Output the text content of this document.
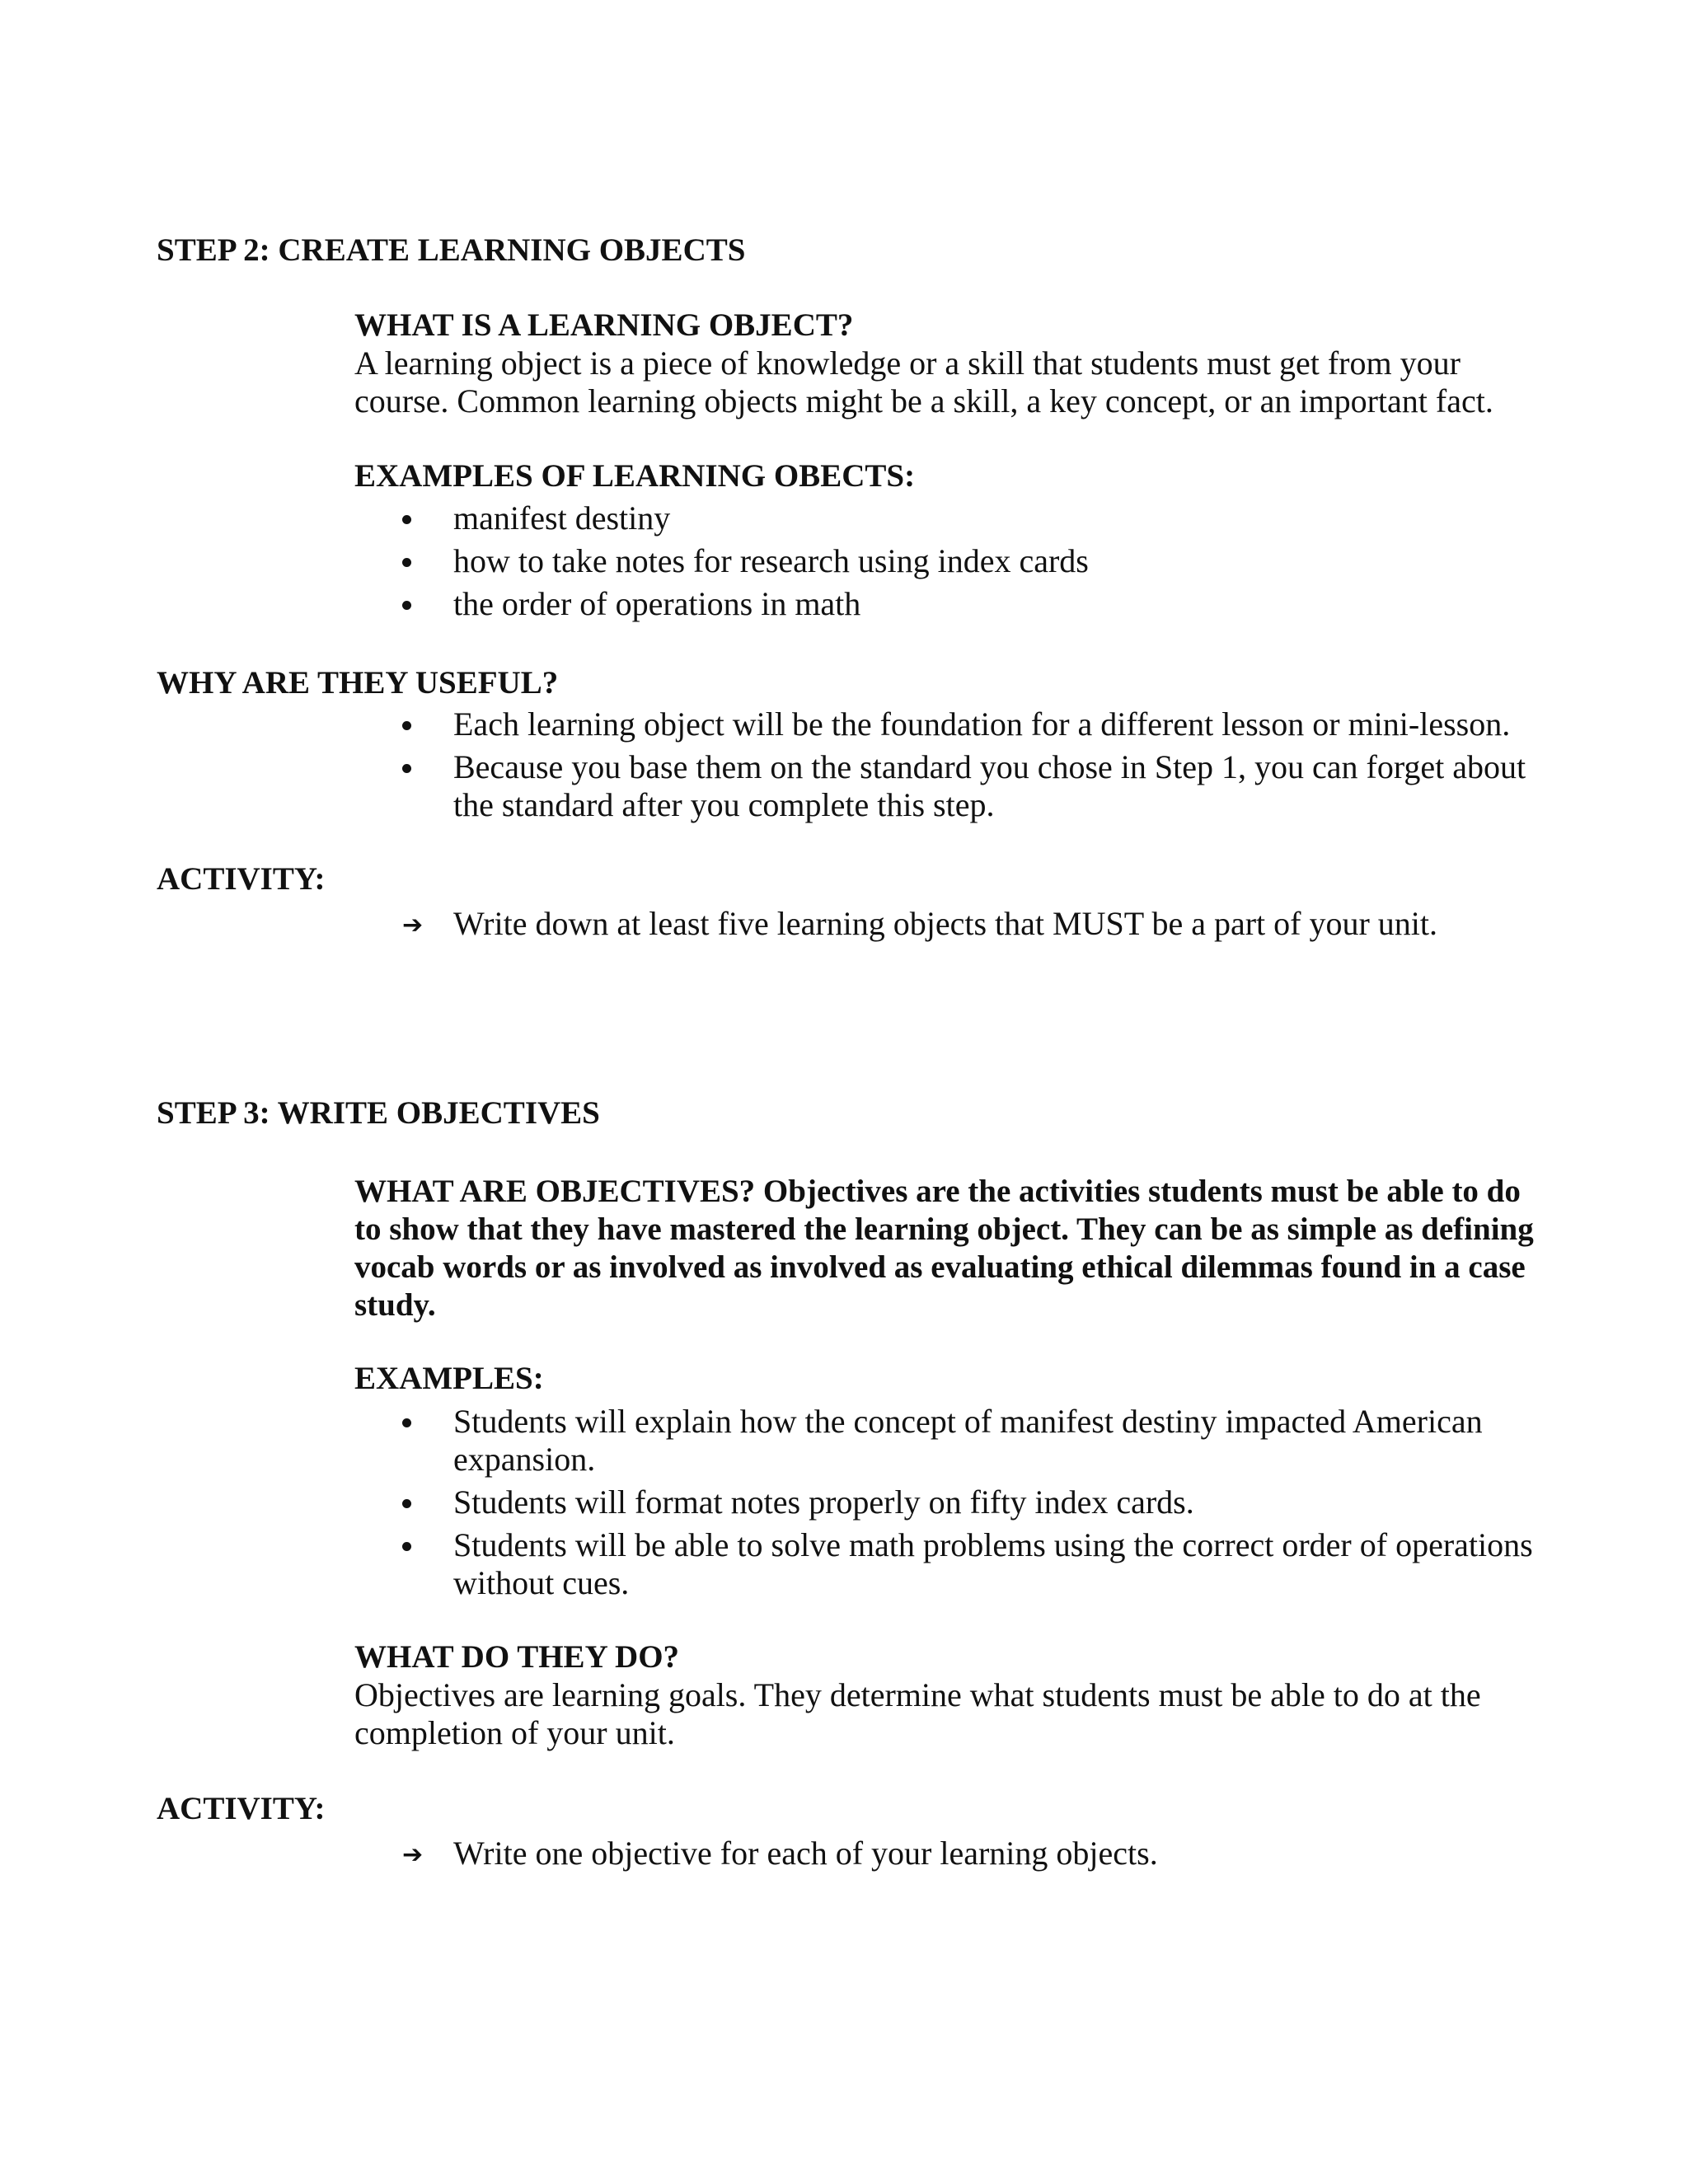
STEP 2: CREATE LEARNING OBJECTS
WHAT IS A LEARNING OBJECT?

A learning object is a piece of knowledge or a skill that students must get from your course. Common learning objects might be a skill, a key concept, or an important fact.

EXAMPLES OF LEARNING OBECTS:
manifest destiny
how to take notes for research using index cards
the order of operations in math
WHY ARE THEY USEFUL?
Each learning object will be the foundation for a different lesson or mini-lesson.
Because you base them on the standard you chose in Step 1, you can forget about the standard after you complete this step.
ACTIVITY:
➔ Write down at least five learning objects that MUST be a part of your unit.
STEP 3: WRITE OBJECTIVES

WHAT ARE OBJECTIVES? Objectives are the activities students must be able to do to show that they have mastered the learning object. They can be as simple as defining vocab words or as involved as involved as evaluating ethical dilemmas found in a case study.

EXAMPLES:
Students will explain how the concept of manifest destiny impacted American expansion.
Students will format notes properly on fifty index cards.
Students will be able to solve math problems using the correct order of operations without cues.
WHAT DO THEY DO?

Objectives are learning goals. They determine what students must be able to do at the completion of your unit.

ACTIVITY:
➔ Write one objective for each of your learning objects.
